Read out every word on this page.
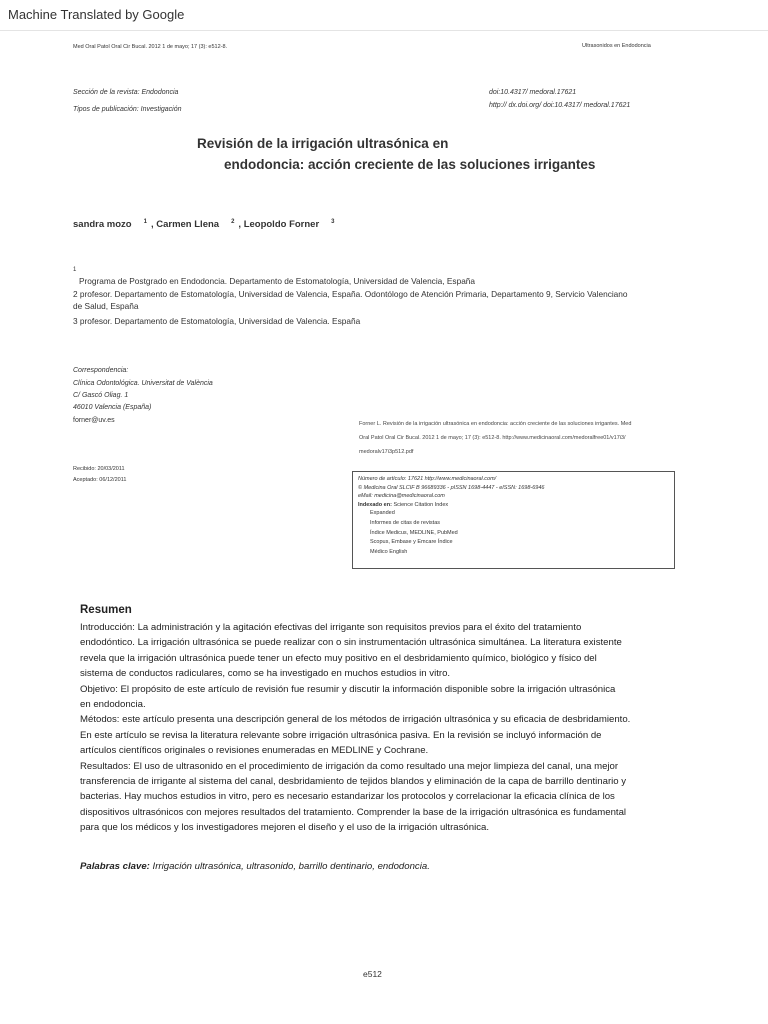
Machine Translated by Google
Med Oral Patol Oral Cir Bucal. 2012 1 de mayo; 17 (3): e512-8.	Ultrasonidos en Endodoncia
Sección de la revista: Endodoncia
Tipos de publicación: Investigación
doi:10.4317/ medoral.17621
http:// dx.doi.org/ doi:10.4317/ medoral.17621
Revisión de la irrigación ultrasónica en
endodoncia: acción creciente de las soluciones irrigantes
sandra mozo $^1$ , Carmen Llena $^2$ , Leopoldo Forner $^3$
1
Programa de Postgrado en Endodoncia. Departamento de Estomatología, Universidad de Valencia, España
2 profesor. Departamento de Estomatología, Universidad de Valencia, España. Odontólogo de Atención Primaria, Departamento 9, Servicio Valenciano
de Salud, España
3 profesor. Departamento de Estomatología, Universidad de Valencia. España
Correspondencia:
Clínica Odontológica. Universitat de València
C/ Gascó Oliag. 1
46010 Valencia (España)
forner@uv.es	Forner L. Revisión de la irrigación ultrasónica en endodoncia: acción creciente de las soluciones irrigantes. Med
Oral Patol Oral Cir Bucal. 2012 1 de mayo; 17 (3): e512-8. http://www.medicinaoral.com/medoralfree01/v17i3/
medoralv17i3p512.pdf
Recibido: 20/03/2011
Aceptado: 06/12/2011	Número de artículo: 17621 http://www.medicinaoral.com/
© Medicina Oral SLCIF B 96689336 - pISSN 1698-4447 - eISSN: 1698-6946
eMail: medicina@medicinaoral.com
Indexado en: Science Citation Index
Expanded
Informes de citas de revistas
Índice Medicus, MEDLINE, PubMed
Scopus, Embase y Emcare Índice
Médico English
Resumen

Introducción: La administración y la agitación efectivas del irrigante son requisitos previos para el éxito del tratamiento

endodóntico. La irrigación ultrasónica se puede realizar con o sin instrumentación ultrasónica simultánea. La literatura existente

revela que la irrigación ultrasónica puede tener un efecto muy positivo en el desbridamiento químico, biológico y físico del

sistema de conductos radiculares, como se ha investigado en muchos estudios in vitro.

Objetivo: El propósito de este artículo de revisión fue resumir y discutir la información disponible sobre la irrigación ultrasónica

en endodoncia.

Métodos: este artículo presenta una descripción general de los métodos de irrigación ultrasónica y su eficacia de desbridamiento.

En este artículo se revisa la literatura relevante sobre irrigación ultrasónica pasiva. En la revisión se incluyó información de

artículos científicos originales o revisiones enumeradas en MEDLINE y Cochrane.

Resultados: El uso de ultrasonido en el procedimiento de irrigación da como resultado una mejor limpieza del canal, una mejor

transferencia de irrigante al sistema del canal, desbridamiento de tejidos blandos y eliminación de la capa de barrillo dentinario y

bacterias. Hay muchos estudios in vitro, pero es necesario estandarizar los protocolos y correlacionar la eficacia clínica de los

dispositivos ultrasónicos con mejores resultados del tratamiento. Comprender la base de la irrigación ultrasónica es fundamental

para que los médicos y los investigadores mejoren el diseño y el uso de la irrigación ultrasónica.

Palabras clave: Irrigación ultrasónica, ultrasonido, barrillo dentinario, endodoncia.
e512
